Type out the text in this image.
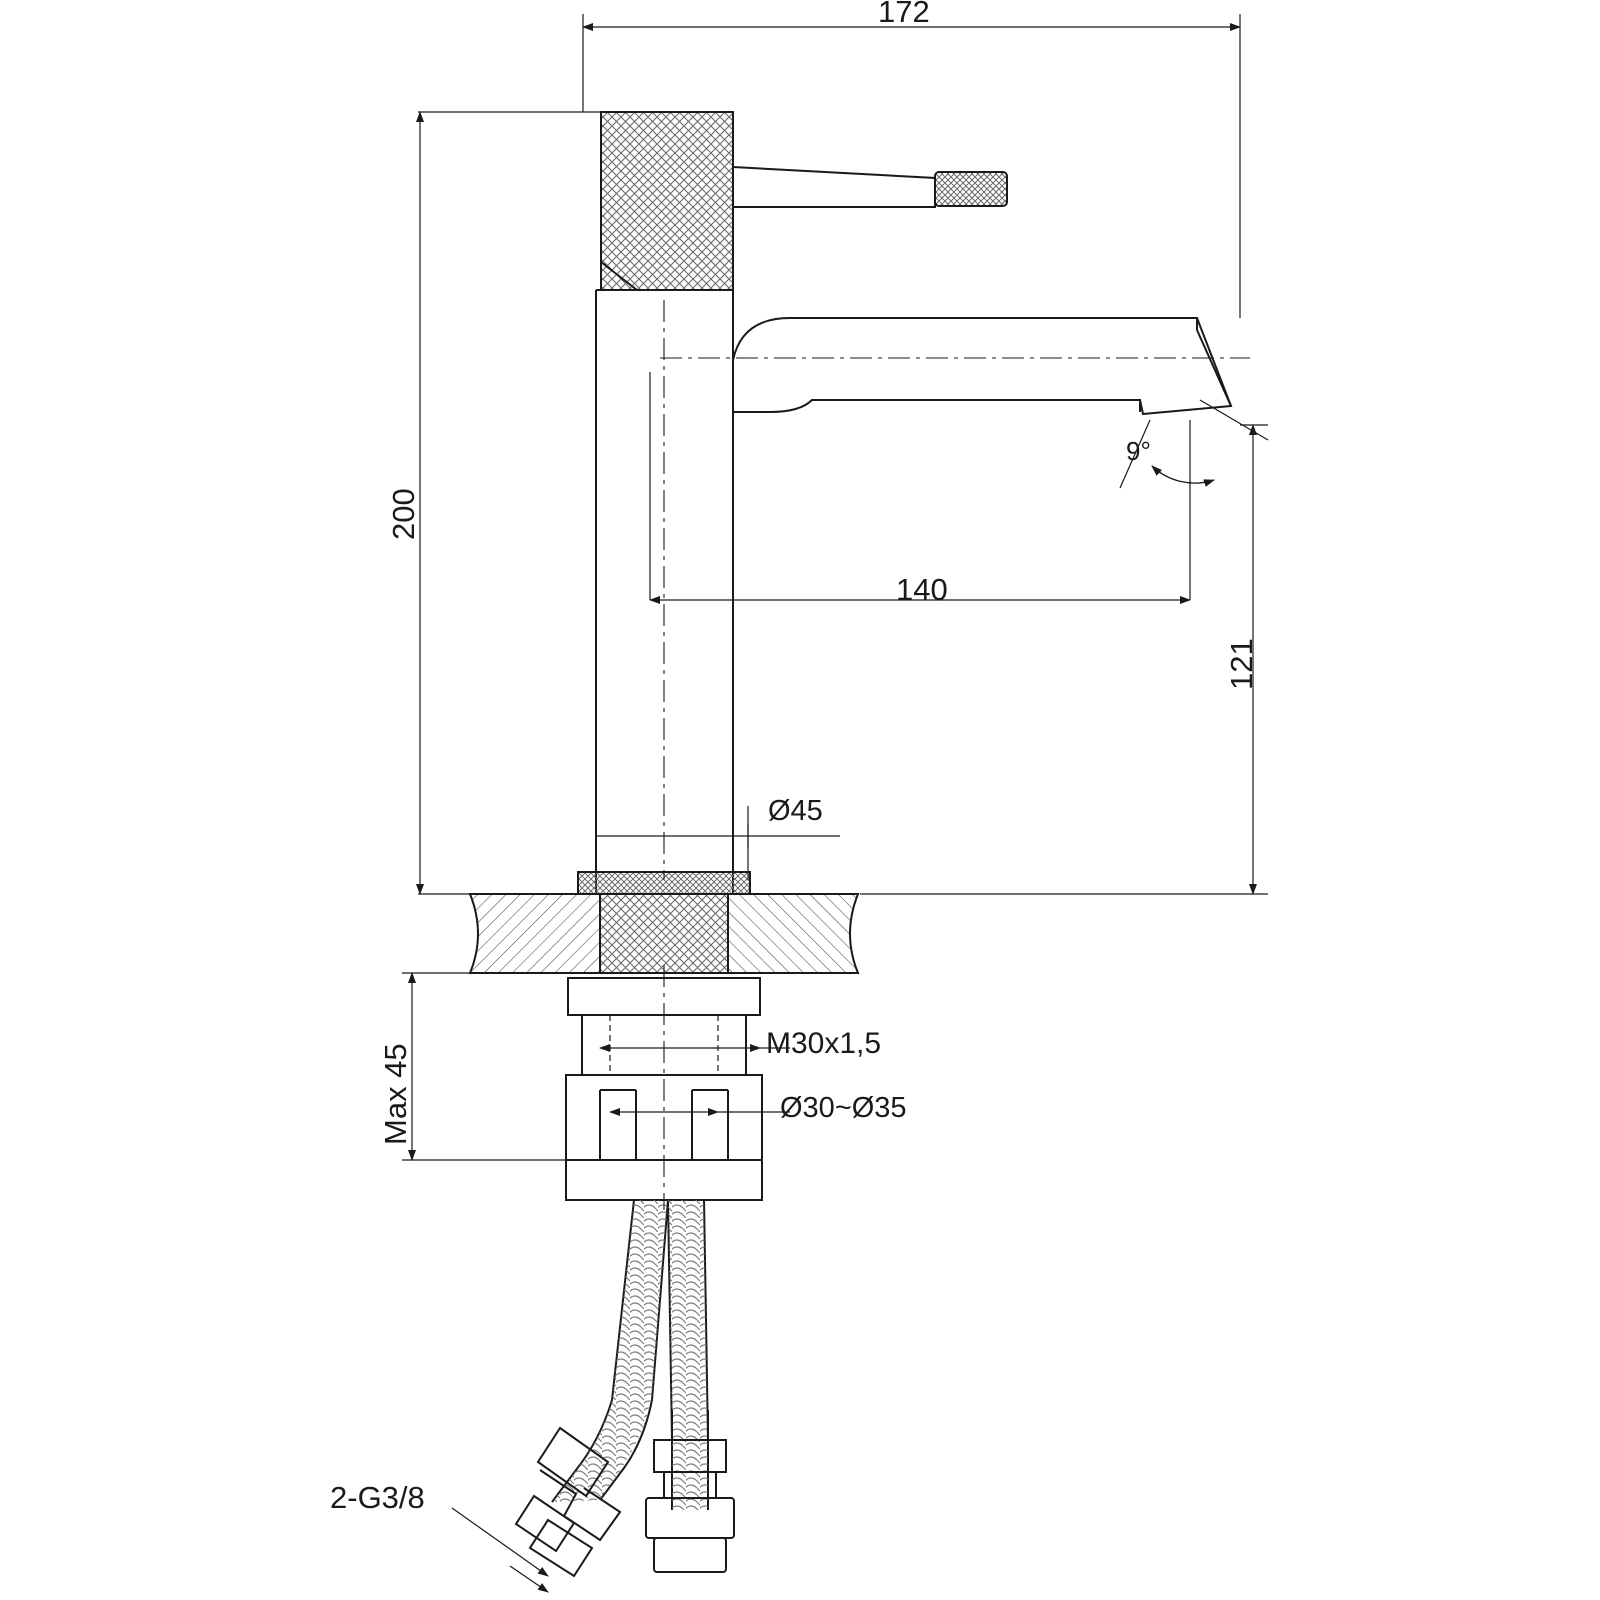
172
200
140
121
9°
Ø45
M30x1,5
Ø30~Ø35
Max 45
2-G3/8
